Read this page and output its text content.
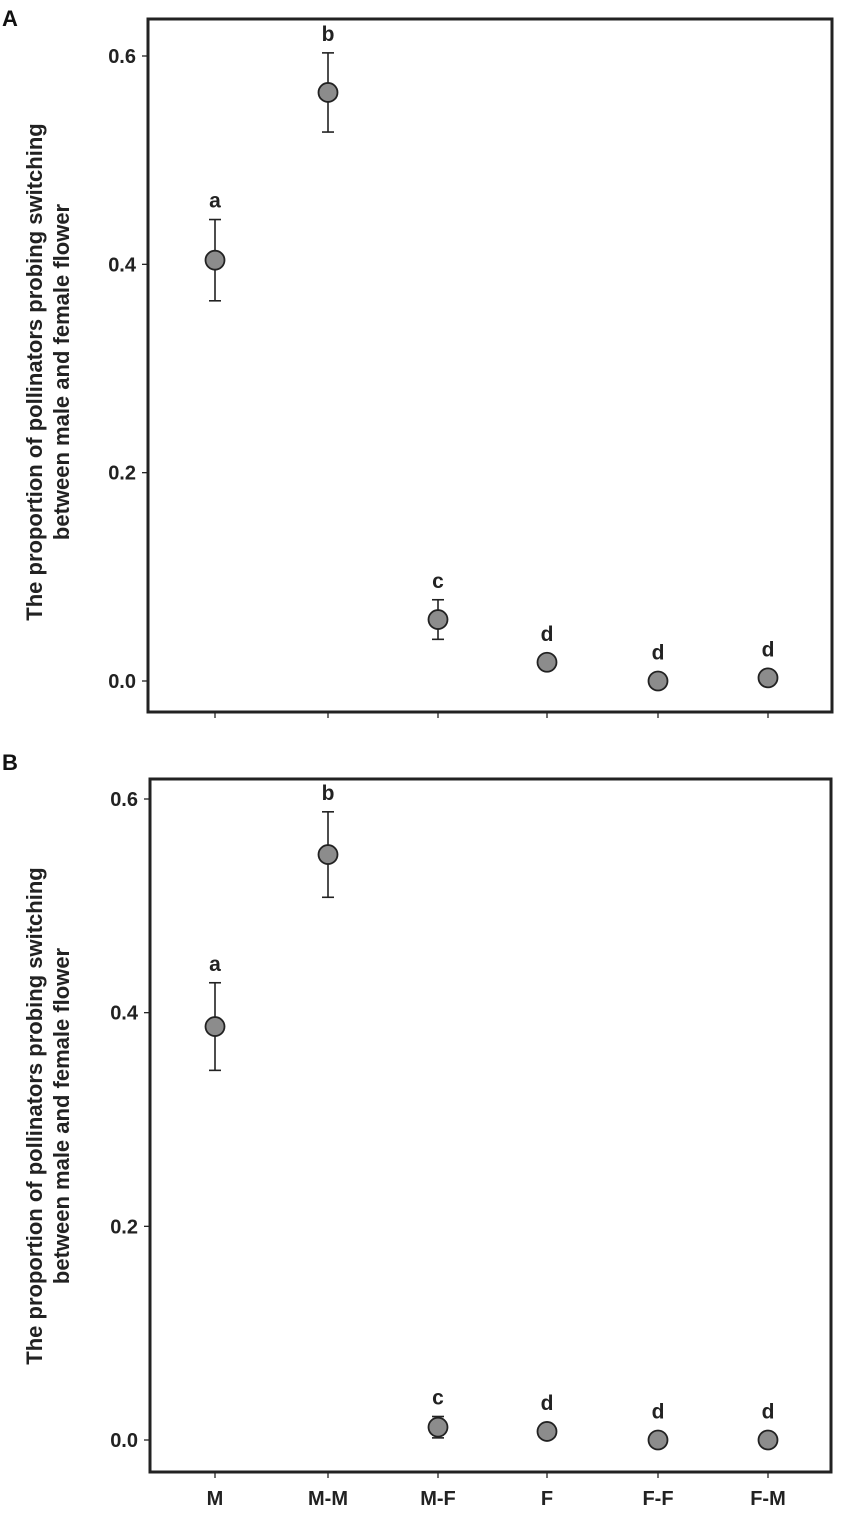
A
0.0
0.2
0.4
0.6
The proportion of pollinators probing switchingbetween male and female flower
a
b
c
d
d	d
B
0.0
0.2
0.4
0.6
M	M-M	M-F	F	F-F	F-M
The proportion of pollinators probing switchingbetween male and female flower	a
b
c	d	d	d
